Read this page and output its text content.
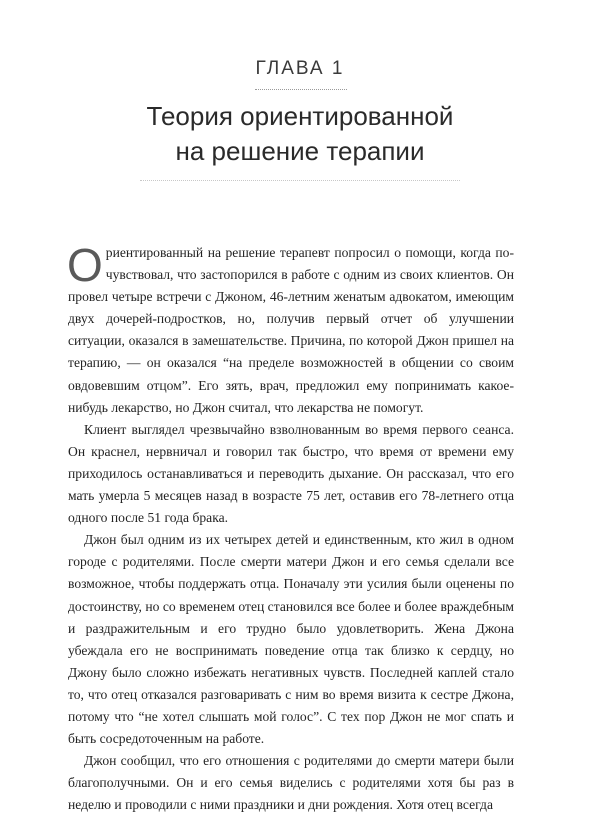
ГЛАВА 1
Теория ориентированной
на решение терапии

Ориентированный на решение терапевт попросил о помощи, когда почувствовал, что застопорился в работе с одним из своих клиентов. Он провел четыре встречи с Джоном, 46-летним женатым адвокатом, имеющим двух дочерей-подростков, но, получив первый отчет об улучшении ситуации, оказался в замешательстве. Причина, по которой Джон пришел на терапию, — он оказался “на пределе возможностей в общении со своим овдовевшим отцом”. Его зять, врач, предложил ему попринимать какое-нибудь лекарство, но Джон считал, что лекарства не помогут.

Клиент выглядел чрезвычайно взволнованным во время первого сеанса. Он краснел, нервничал и говорил так быстро, что время от времени ему приходилось останавливаться и переводить дыхание. Он рассказал, что его мать умерла 5 месяцев назад в возрасте 75 лет, оставив его 78-летнего отца одного после 51 года брака.

Джон был одним из их четырех детей и единственным, кто жил в одном городе с родителями. После смерти матери Джон и его семья сделали все возможное, чтобы поддержать отца. Поначалу эти усилия были оценены по достоинству, но со временем отец становился все более и более враждебным и раздражительным и его трудно было удовлетворить. Жена Джона убеждала его не воспринимать поведение отца так близко к сердцу, но Джону было сложно избежать негативных чувств. Последней каплей стало то, что отец отказался разговаривать с ним во время визита к сестре Джона, потому что “не хотел слышать мой голос”. С тех пор Джон не мог спать и быть сосредоточенным на работе.

Джон сообщил, что его отношения с родителями до смерти матери были благополучными. Он и его семья виделись с родителями хотя бы раз в неделю и проводили с ними праздники и дни рождения. Хотя отец всегда
